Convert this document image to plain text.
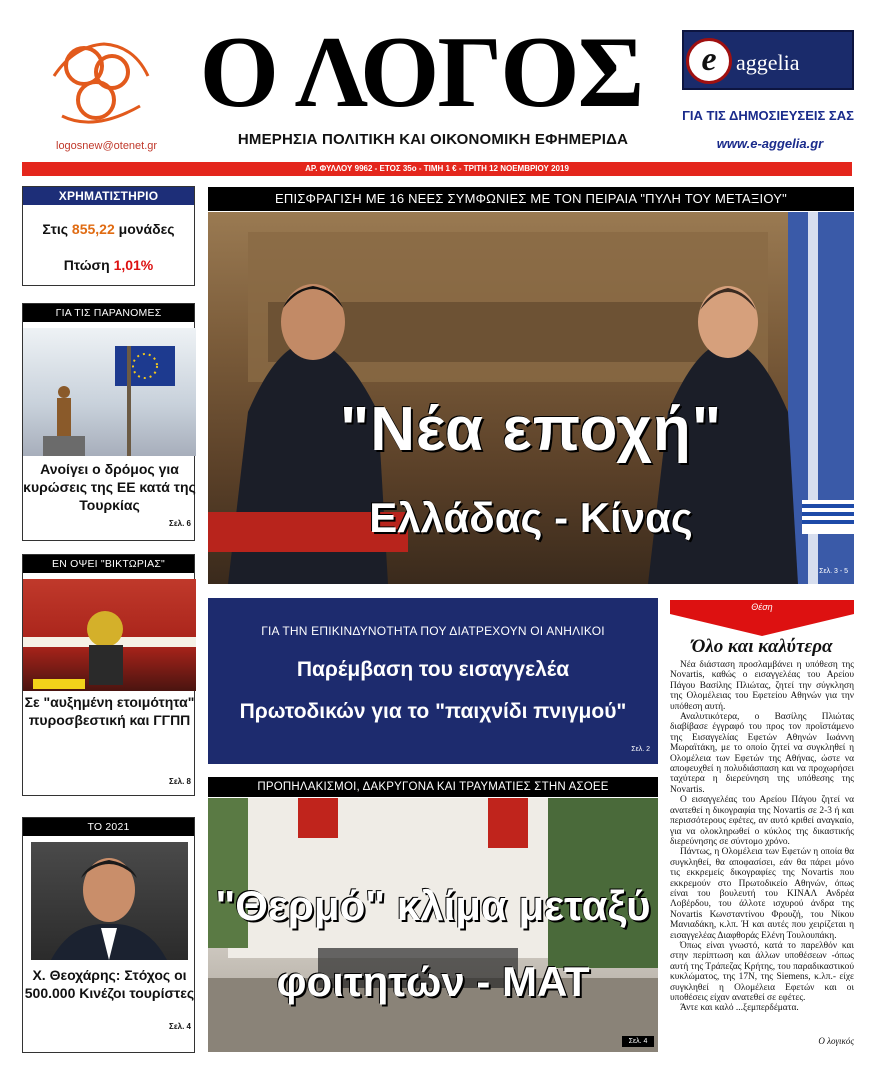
Ο ΛΟΓΟΣ
ΗΜΕΡΗΣΙΑ ΠΟΛΙΤΙΚΗ ΚΑΙ ΟΙΚΟΝΟΜΙΚΗ ΕΦΗΜΕΡΙΔΑ
logosnew@otenet.gr
e aggelia
ΓΙΑ ΤΙΣ ΔΗΜΟΣΙΕΥΣΕΙΣ ΣΑΣ
www.e-aggelia.gr
ΑΡ. ΦΥΛΛΟΥ 9962 - ΕΤΟΣ 35ο - ΤΙΜΗ 1 € - ΤΡΙΤΗ 12 ΝΟΕΜΒΡΙΟΥ 2019
ΧΡΗΜΑΤΙΣΤΗΡΙΟ
Στις 855,22 μονάδες
Πτώση 1,01%
ΓΙΑ ΤΙΣ ΠΑΡΑΝΟΜΕΣ
Ανοίγει ο δρόμος για κυρώσεις της ΕΕ κατά της Τουρκίας
Σελ. 6
ΕΝ ΟΨΕΙ "ΒΙΚΤΩΡΙΑΣ"
Σε "αυξημένη ετοιμότητα" πυροσβεστική και ΓΓΠΠ
Σελ. 8
ΤΟ 2021
Χ. Θεοχάρης: Στόχος οι 500.000 Κινέζοι τουρίστες
Σελ. 4
ΕΠΙΣΦΡΑΓΙΣΗ ΜΕ 16 ΝΕΕΣ ΣΥΜΦΩΝΙΕΣ ΜΕ ΤΟΝ ΠΕΙΡΑΙΑ "ΠΥΛΗ ΤΟΥ ΜΕΤΑΞΙΟΥ"
"Νέα εποχή"
Ελλάδας - Κίνας
Σελ. 3 - 5
ΓΙΑ ΤΗΝ ΕΠΙΚΙΝΔΥΝΟΤΗΤΑ ΠΟΥ ΔΙΑΤΡΕΧΟΥΝ ΟΙ ΑΝΗΛΙΚΟΙ
Παρέμβαση του εισαγγελέα
Πρωτοδικών για το "παιχνίδι πνιγμού"
Σελ. 2
ΠΡΟΠΗΛΑΚΙΣΜΟΙ, ΔΑΚΡΥΓΟΝΑ ΚΑΙ ΤΡΑΥΜΑΤΙΕΣ ΣΤΗΝ ΑΣΟΕΕ
"Θερμό" κλίμα μεταξύ
φοιτητών - ΜΑΤ
Σελ. 4
Θέση
Όλο και καλύτερα

Νέα διάσταση προσλαμβάνει η υπόθεση της Novartis, καθώς ο εισαγγελέας του Αρείου Πάγου Βασίλης Πλιώτας, ζητεί την σύγκληση της Ολομέλειας του Εφετείου Αθηνών για την υπόθεση αυτή.

Αναλυτικότερα, ο Βασίλης Πλιώτας διαβίβασε έγγραφό του προς τον προϊστάμενο της Εισαγγελίας Εφετών Αθηνών Ιωάννη Μωραϊτάκη, με το οποίο ζητεί να συγκληθεί η Ολομέλεια των Εφετών της Αθήνας, ώστε να αποφευχθεί η πολυδιάσπαση και να προχωρήσει ταχύτερα η διερεύνηση της υπόθεσης της Novartis.

Ο εισαγγελέας του Αρείου Πάγου ζητεί να ανατεθεί η δικογραφία της Novartis σε 2-3 ή και περισσότερους εφέτες, αν αυτό κριθεί αναγκαίο, για να ολοκληρωθεί ο κύκλος της δικαστικής διερεύνησης σε σύντομο χρόνο.

Πάντως, η Ολομέλεια των Εφετών η οποία θα συγκληθεί, θα αποφασίσει, εάν θα πάρει μόνο τις εκκρεμείς δικογραφίες της Novartis που εκκρεμούν στο Πρωτοδικείο Αθηνών, όπως είναι του βουλευτή του ΚΙΝΑΛ Ανδρέα Λοβέρδου, του άλλοτε ισχυρού άνδρα της Novartis Κωνσταντίνου Φρουζή, του Νίκου Μανιαδάκη, κ.λπ. Ή και αυτές που χειρίζεται η εισαγγελέας Διαφθοράς Ελένη Τουλουπάκη.

Όπως είναι γνωστό, κατά το παρελθόν και στην περίπτωση και άλλων υποθέσεων -όπως αυτή της Τράπεζας Κρήτης, του παραδικαστικού κυκλώματος, της 17Ν, της Siemens, κ.λπ.- είχε συγκληθεί η Ολομέλεια Εφετών και οι υποθέσεις είχαν ανατεθεί σε εφέτες.

Άντε και καλό ...ξεμπερδέματα.

Ο λογικός
